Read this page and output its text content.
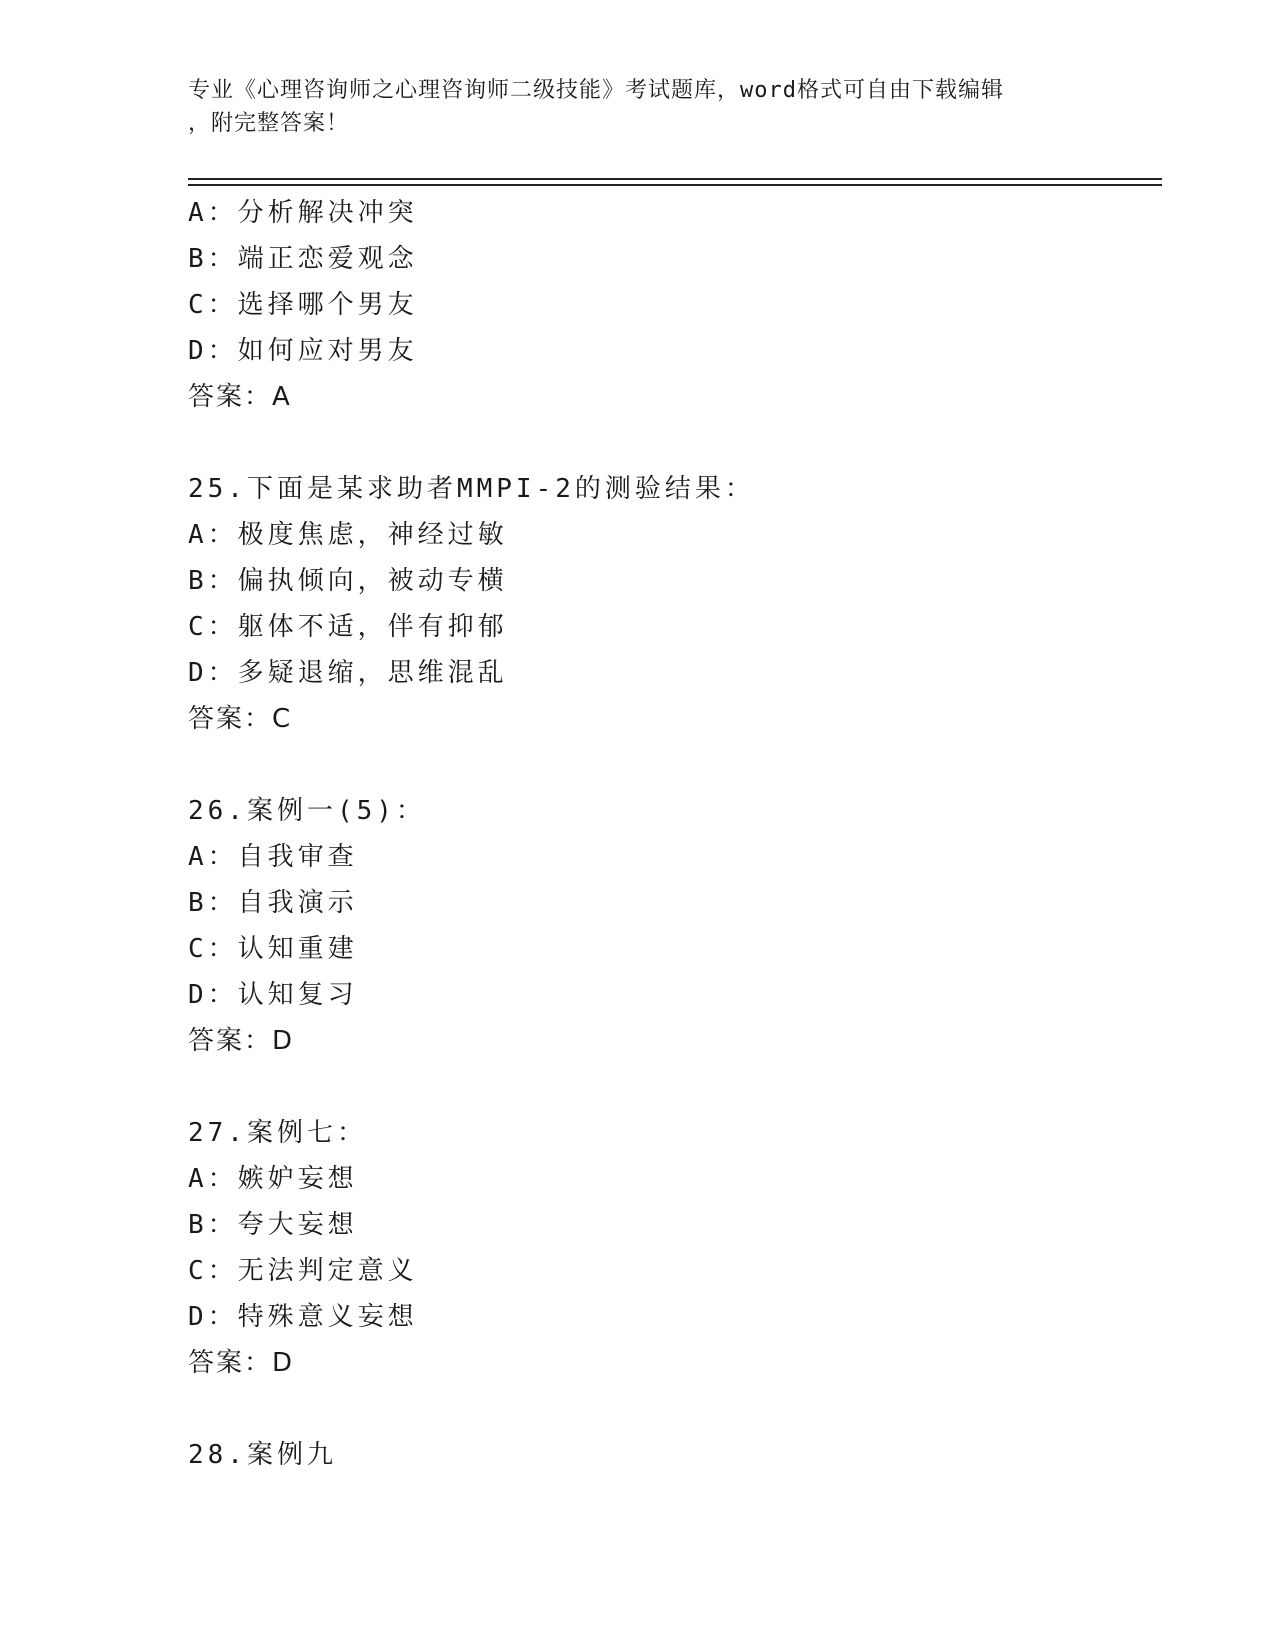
专业《心理咨询师之心理咨询师二级技能》考试题库，word格式可自由下载编辑
，附完整答案！
A：分析解决冲突
B：端正恋爱观念
C：选择哪个男友
D：如何应对男友
答案：A
25.下面是某求助者MMPI-2的测验结果：
A：极度焦虑，神经过敏
B：偏执倾向，被动专横
C：躯体不适，伴有抑郁
D：多疑退缩，思维混乱
答案：C
26.案例一(5)：
A：自我审查
B：自我演示
C：认知重建
D：认知复习
答案：D
27.案例七：
A：嫉妒妄想
B：夸大妄想
C：无法判定意义
D：特殊意义妄想
答案：D
28.案例九
